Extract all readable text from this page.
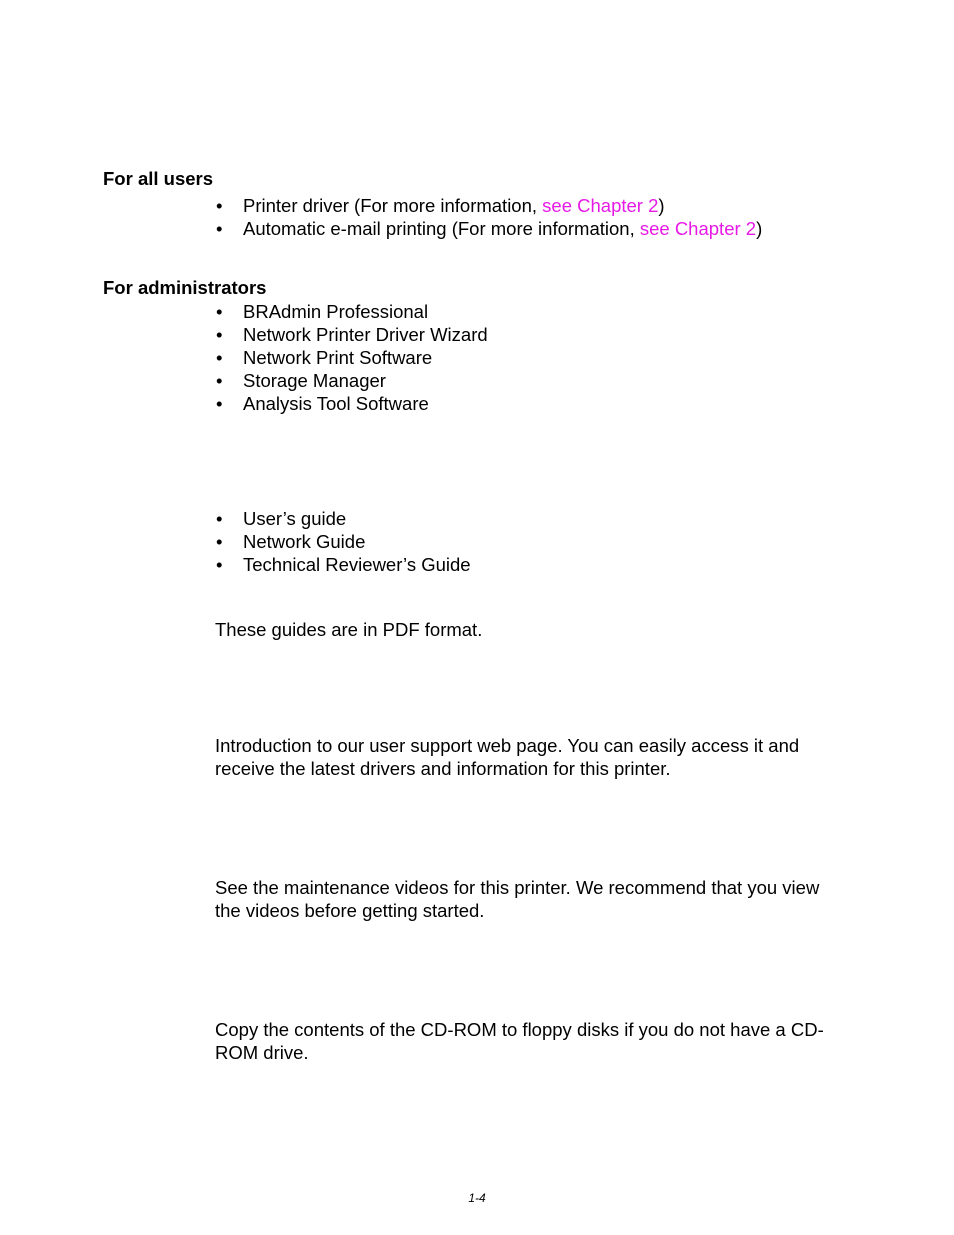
For all users
• Printer driver (For more information, see Chapter 2)
• Automatic e-mail printing (For more information, see Chapter 2)
For administrators
• BRAdmin Professional
• Network Printer Driver Wizard
• Network Print Software
• Storage Manager
• Analysis Tool Software
• User’s guide
• Network Guide
• Technical Reviewer’s Guide

These guides are in PDF format.

Introduction to our user support web page. You can easily access it and receive the latest drivers and information for this printer.

See the maintenance videos for this printer. We recommend that you view the videos before getting started.

Copy the contents of the CD-ROM to floppy disks if you do not have a CD-ROM drive.

1-4
